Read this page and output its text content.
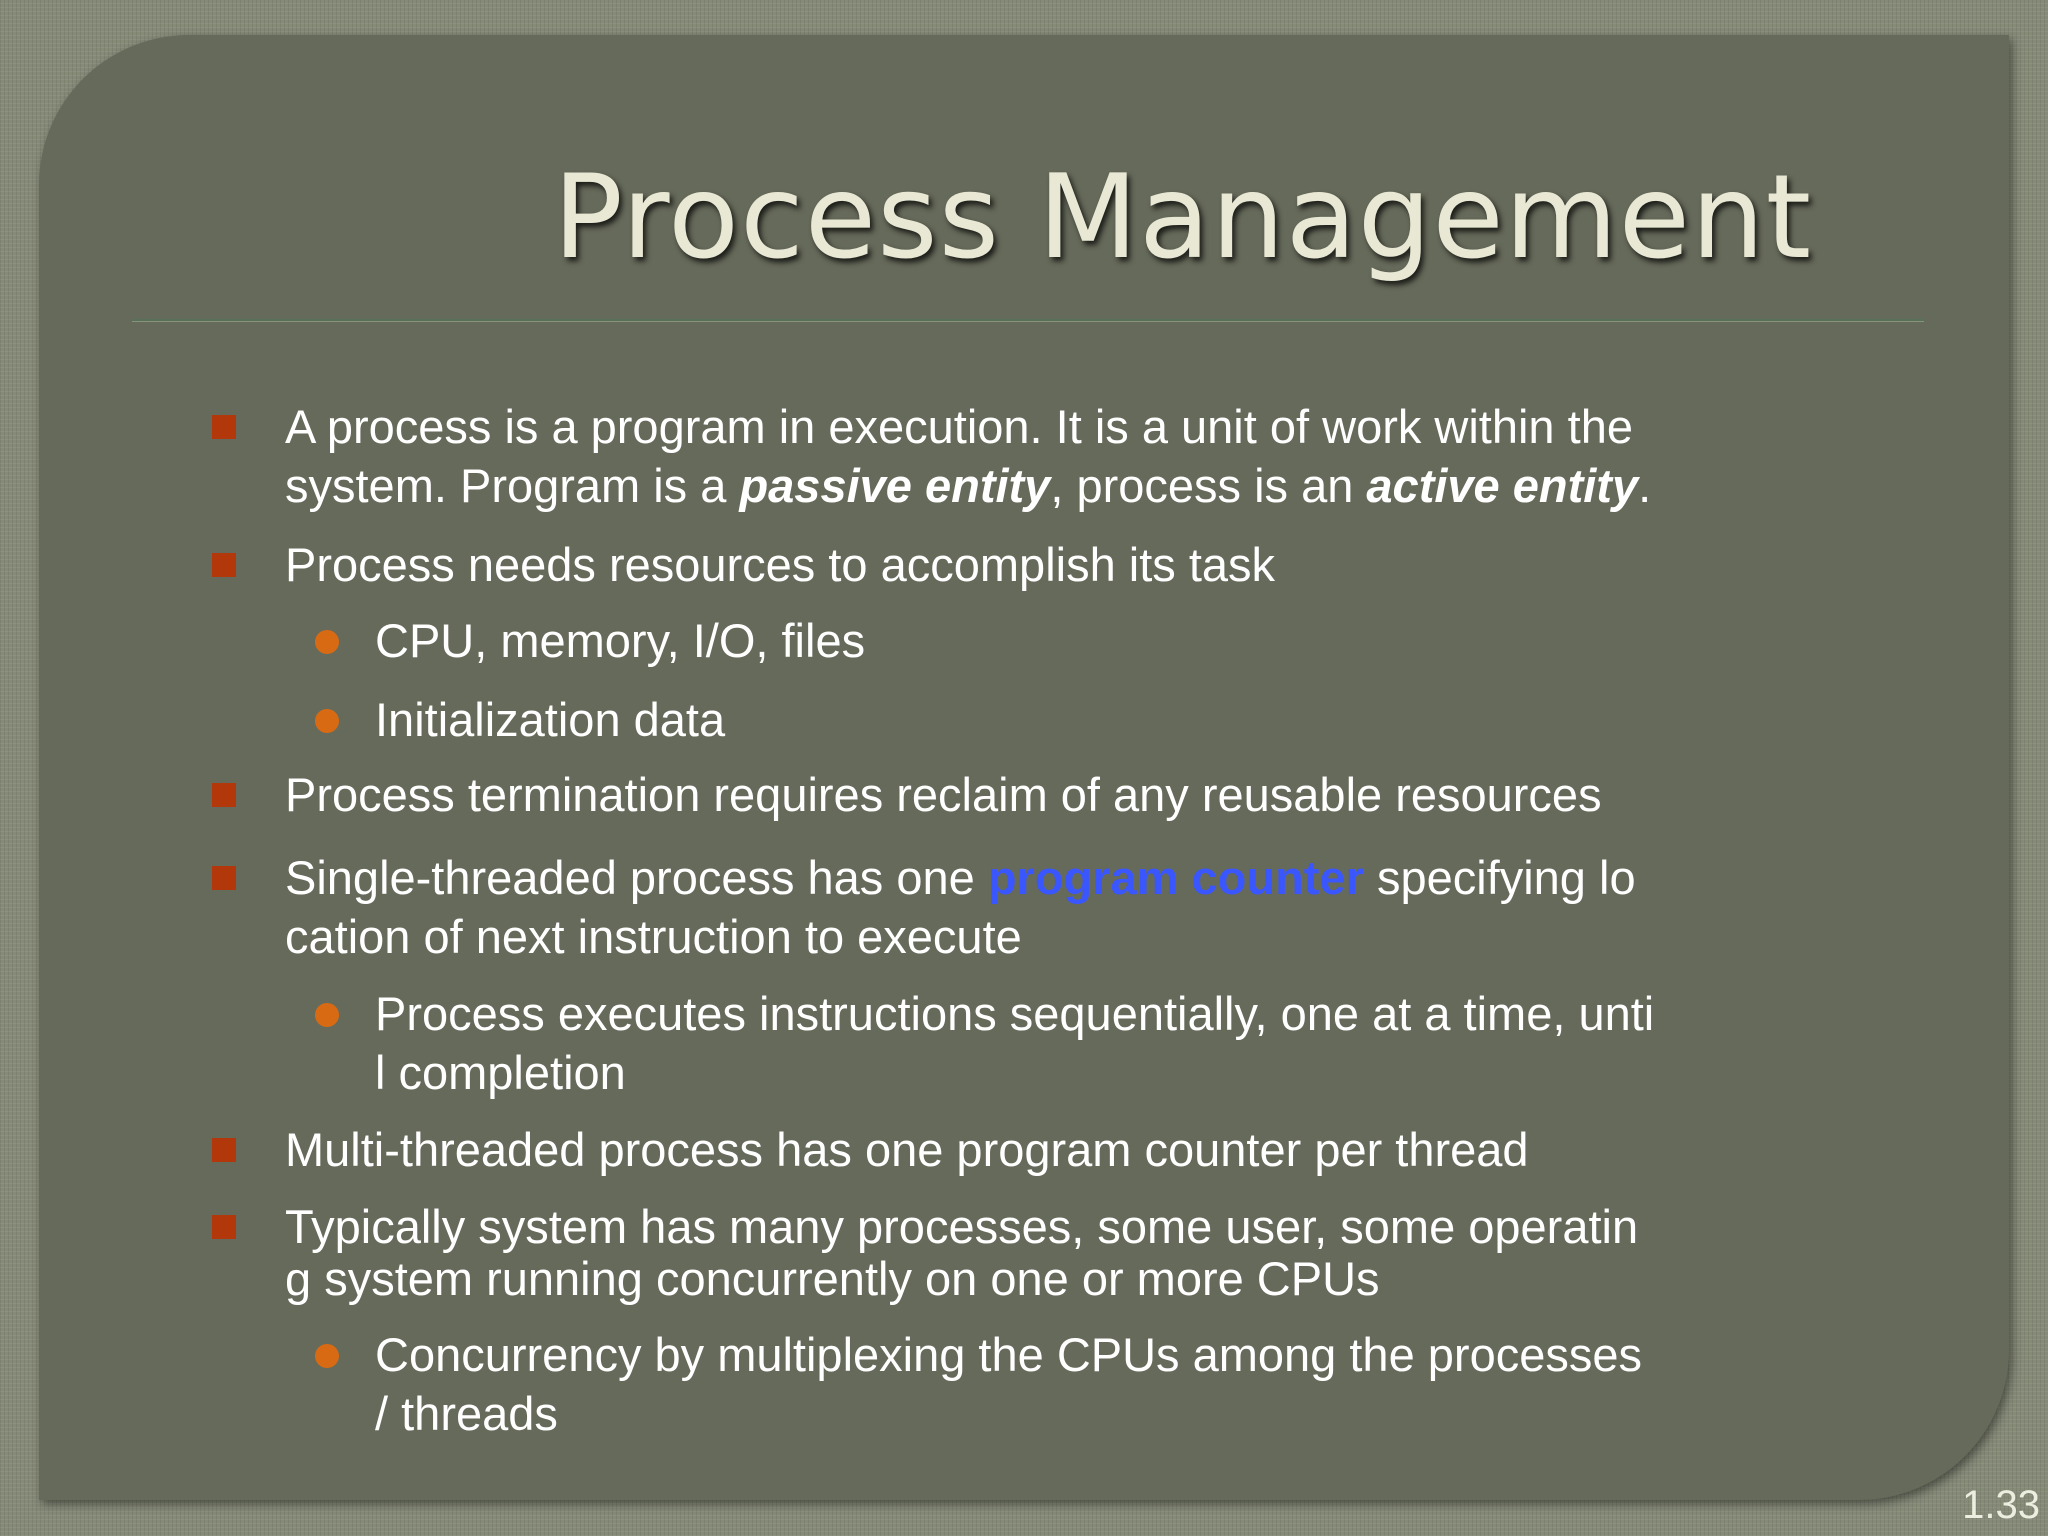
Process Management
A process is a program in execution. It is a unit of work within the
system. Program is a passive entity, process is an active entity.
Process needs resources to accomplish its task
CPU, memory, I/O, files
Initialization data
Process termination requires reclaim of any reusable resources
Single-threaded process has one program counter specifying lo
cation of next instruction to execute
Process executes instructions sequentially, one at a time, unti
l completion
Multi-threaded process has one program counter per thread
Typically system has many processes, some user, some operatin
g system running concurrently on one or more CPUs
Concurrency by multiplexing the CPUs among the processes
/ threads
1.33
